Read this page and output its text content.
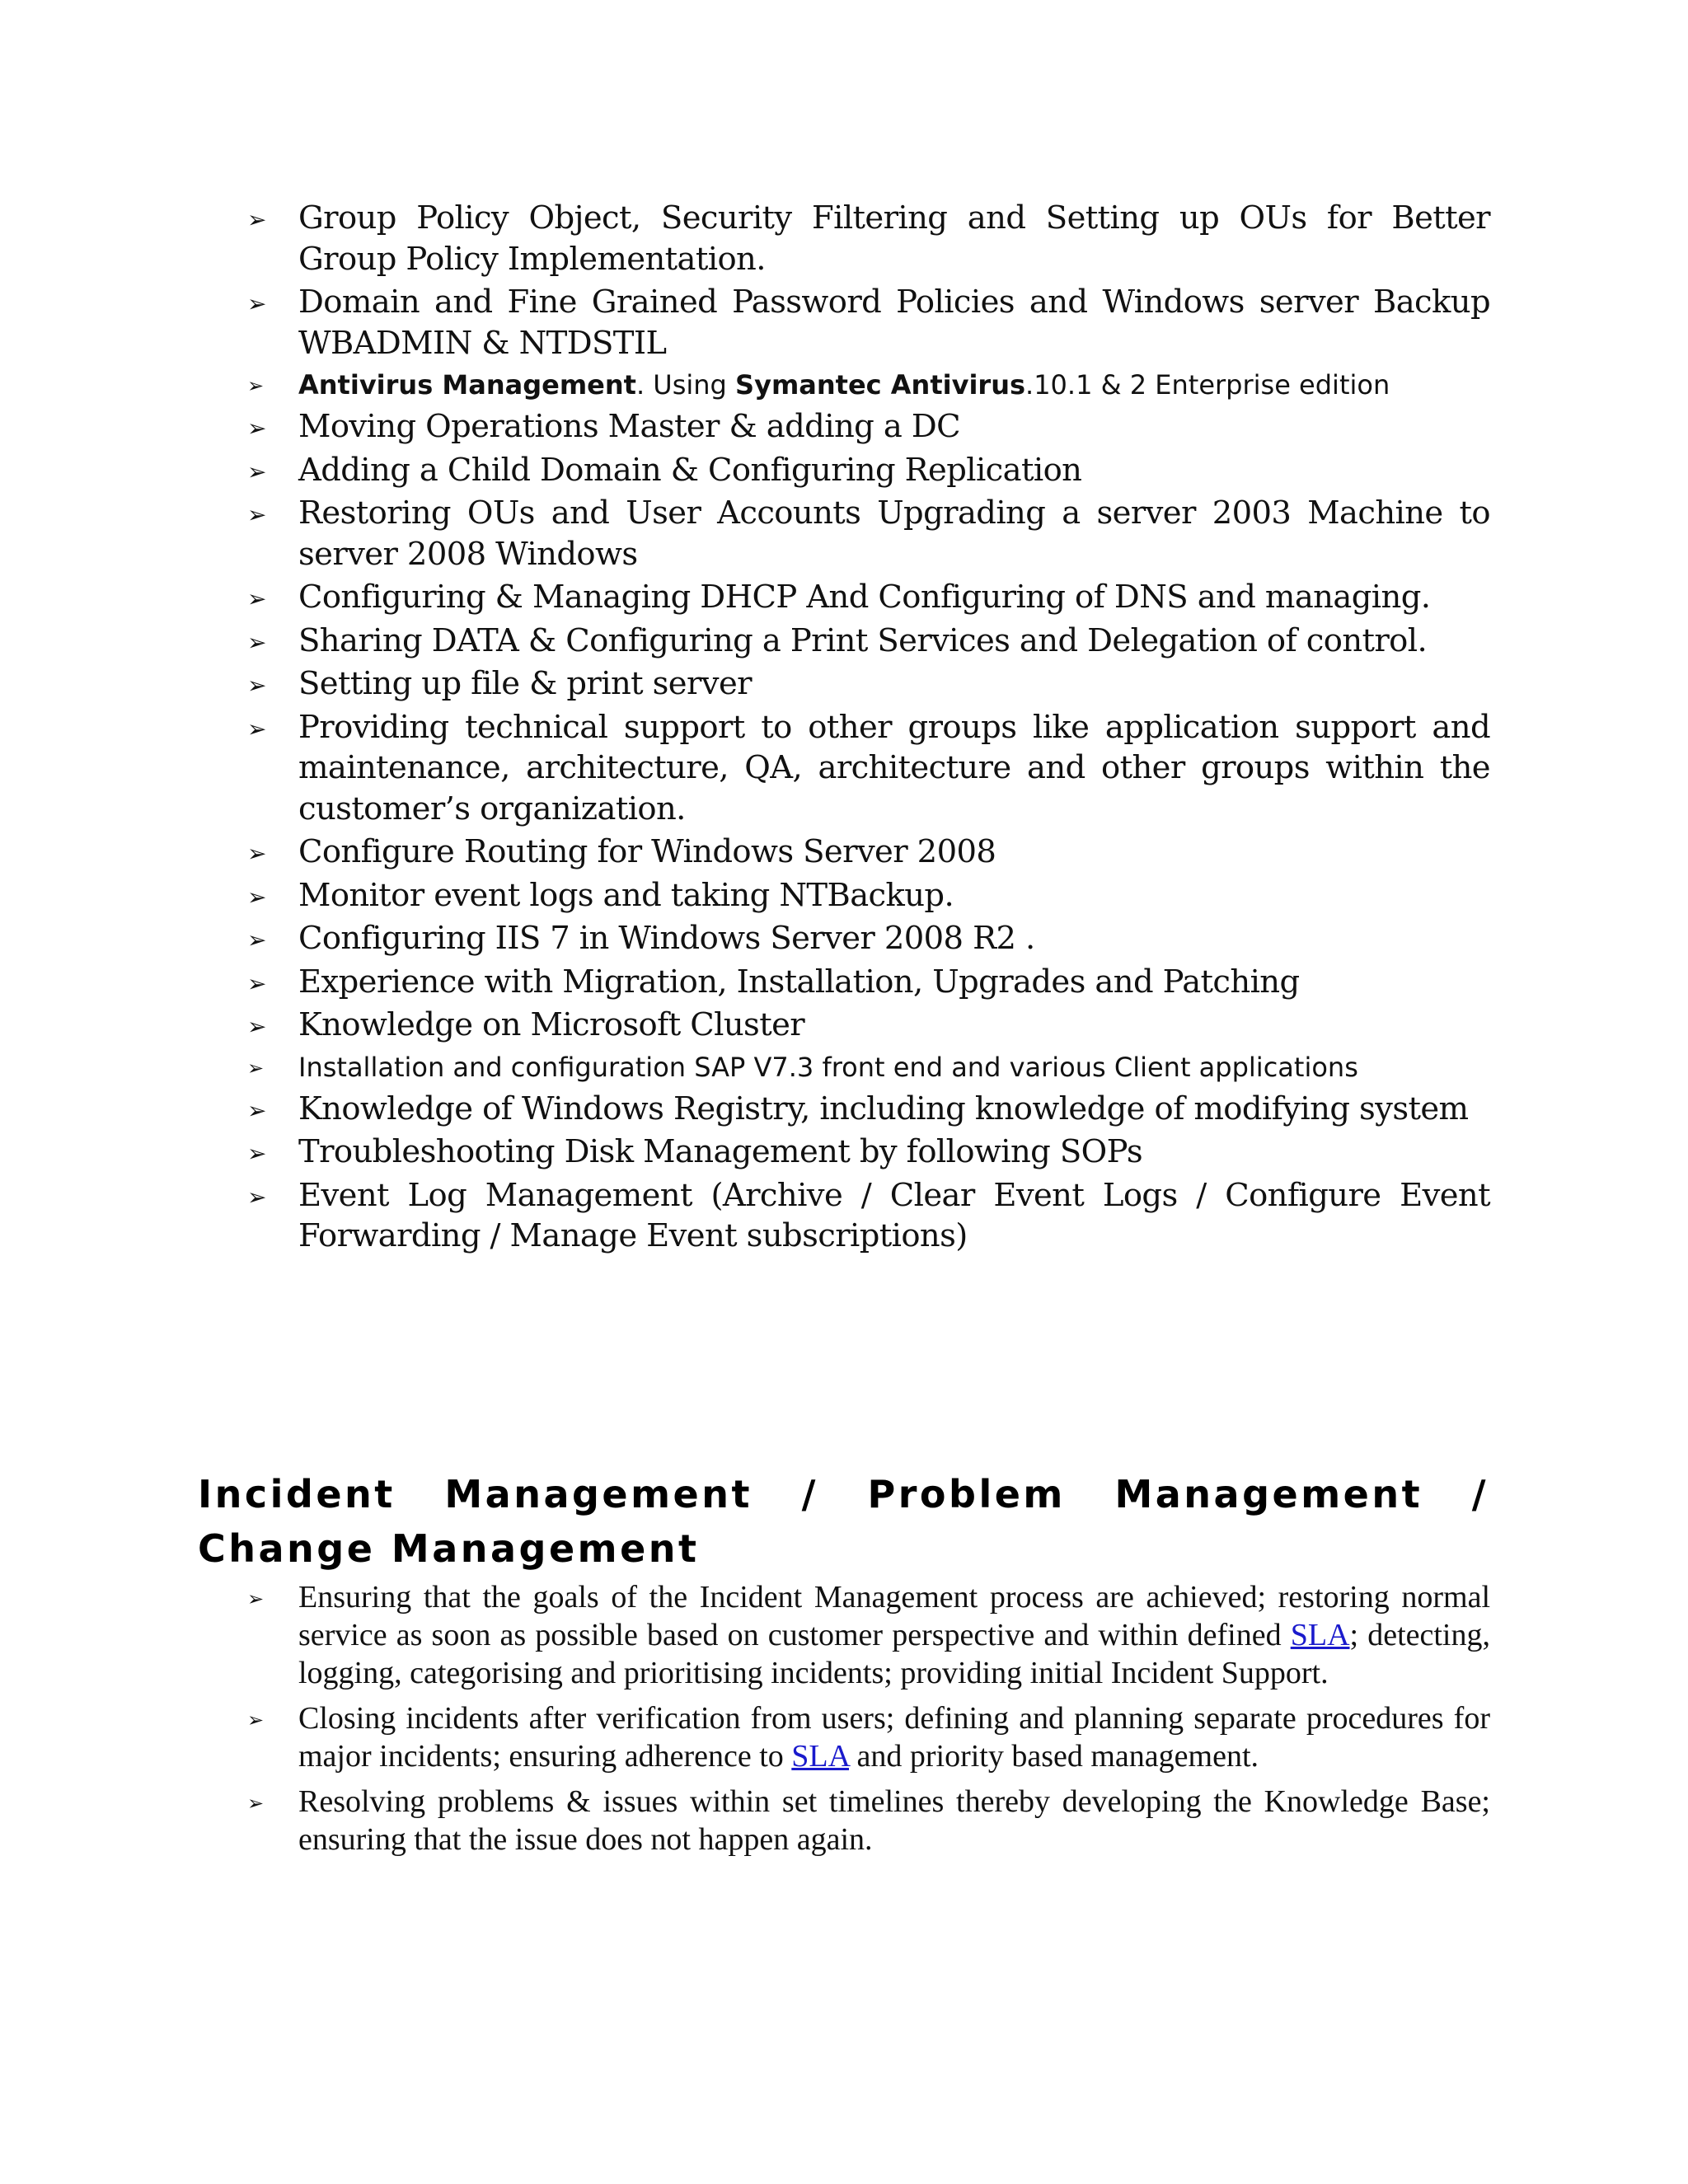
➢ Group Policy Object, Security Filtering and Setting up OUs for Better Group Policy Implementation.
➢ Domain and Fine Grained Password Policies and Windows server Backup WBADMIN & NTDSTIL
➢ Antivirus Management. Using Symantec Antivirus.10.1 & 2 Enterprise edition
➢ Moving Operations Master & adding a DC
➢ Adding a Child Domain & Configuring Replication
➢ Restoring OUs and User Accounts Upgrading a server 2003 Machine to server 2008 Windows
➢ Configuring & Managing DHCP And Configuring of DNS and managing.
➢ Sharing DATA & Configuring a Print Services and Delegation of control.
➢ Setting up file & print server
➢ Providing technical support to other groups like application support and maintenance, architecture, QA, architecture and other groups within the customer’s organization.
➢ Configure Routing for Windows Server 2008
➢ Monitor event logs and taking NTBackup.
➢ Configuring IIS 7 in Windows Server 2008 R2 .
➢ Experience with Migration, Installation, Upgrades and Patching
➢ Knowledge on Microsoft Cluster
➢ Installation and configuration SAP V7.3 front end and various Client applications
➢ Knowledge of Windows Registry, including knowledge of modifying system
➢ Troubleshooting Disk Management by following SOPs
➢ Event Log Management (Archive / Clear Event Logs / Configure Event Forwarding / Manage Event subscriptions)
Incident Management / Problem Management / Change Management
➢ Ensuring that the goals of the Incident Management process are achieved; restoring normal service as soon as possible based on customer perspective and within defined SLA; detecting, logging, categorising and prioritising incidents; providing initial Incident Support.
➢ Closing incidents after verification from users; defining and planning separate procedures for major incidents; ensuring adherence to SLA and priority based management.
➢ Resolving problems & issues within set timelines thereby developing the Knowledge Base; ensuring that the issue does not happen again.
